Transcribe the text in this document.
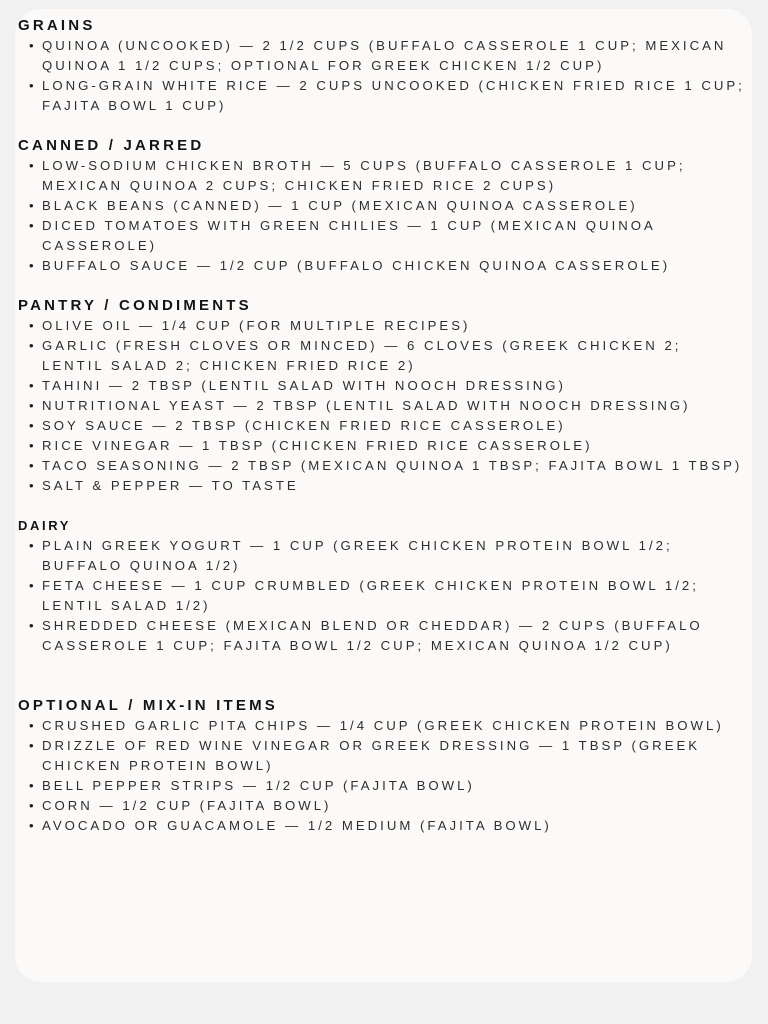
GRAINS
• QUINOA (UNCOOKED) — 2 1/2 CUPS (BUFFALO CASSEROLE 1 CUP; MEXICAN QUINOA 1 1/2 CUPS; OPTIONAL FOR GREEK CHICKEN 1/2 CUP)
• LONG-GRAIN WHITE RICE — 2 CUPS UNCOOKED (CHICKEN FRIED RICE 1 CUP; FAJITA BOWL 1 CUP)
CANNED / JARRED
• LOW-SODIUM CHICKEN BROTH — 5 CUPS (BUFFALO CASSEROLE 1 CUP; MEXICAN QUINOA 2 CUPS; CHICKEN FRIED RICE 2 CUPS)
• BLACK BEANS (CANNED) — 1 CUP (MEXICAN QUINOA CASSEROLE)
• DICED TOMATOES WITH GREEN CHILIES — 1 CUP (MEXICAN QUINOA CASSEROLE)
• BUFFALO SAUCE — 1/2 CUP (BUFFALO CHICKEN QUINOA CASSEROLE)
PANTRY / CONDIMENTS
• OLIVE OIL — 1/4 CUP (FOR MULTIPLE RECIPES)
• GARLIC (FRESH CLOVES OR MINCED) — 6 CLOVES (GREEK CHICKEN 2; LENTIL SALAD 2; CHICKEN FRIED RICE 2)
• TAHINI — 2 TBSP (LENTIL SALAD WITH NOOCH DRESSING)
• NUTRITIONAL YEAST — 2 TBSP (LENTIL SALAD WITH NOOCH DRESSING)
• SOY SAUCE — 2 TBSP (CHICKEN FRIED RICE CASSEROLE)
• RICE VINEGAR — 1 TBSP (CHICKEN FRIED RICE CASSEROLE)
• TACO SEASONING — 2 TBSP (MEXICAN QUINOA 1 TBSP; FAJITA BOWL 1 TBSP)
• SALT & PEPPER — TO TASTE
DAIRY
• PLAIN GREEK YOGURT — 1 CUP (GREEK CHICKEN PROTEIN BOWL 1/2; BUFFALO QUINOA 1/2)
• FETA CHEESE — 1 CUP CRUMBLED (GREEK CHICKEN PROTEIN BOWL 1/2; LENTIL SALAD 1/2)
• SHREDDED CHEESE (MEXICAN BLEND OR CHEDDAR) — 2 CUPS (BUFFALO CASSEROLE 1 CUP; FAJITA BOWL 1/2 CUP; MEXICAN QUINOA 1/2 CUP)
OPTIONAL / MIX-IN ITEMS
• CRUSHED GARLIC PITA CHIPS — 1/4 CUP (GREEK CHICKEN PROTEIN BOWL)
• DRIZZLE OF RED WINE VINEGAR OR GREEK DRESSING — 1 TBSP (GREEK CHICKEN PROTEIN BOWL)
• BELL PEPPER STRIPS — 1/2 CUP (FAJITA BOWL)
• CORN — 1/2 CUP (FAJITA BOWL)
• AVOCADO OR GUACAMOLE — 1/2 MEDIUM (FAJITA BOWL)
